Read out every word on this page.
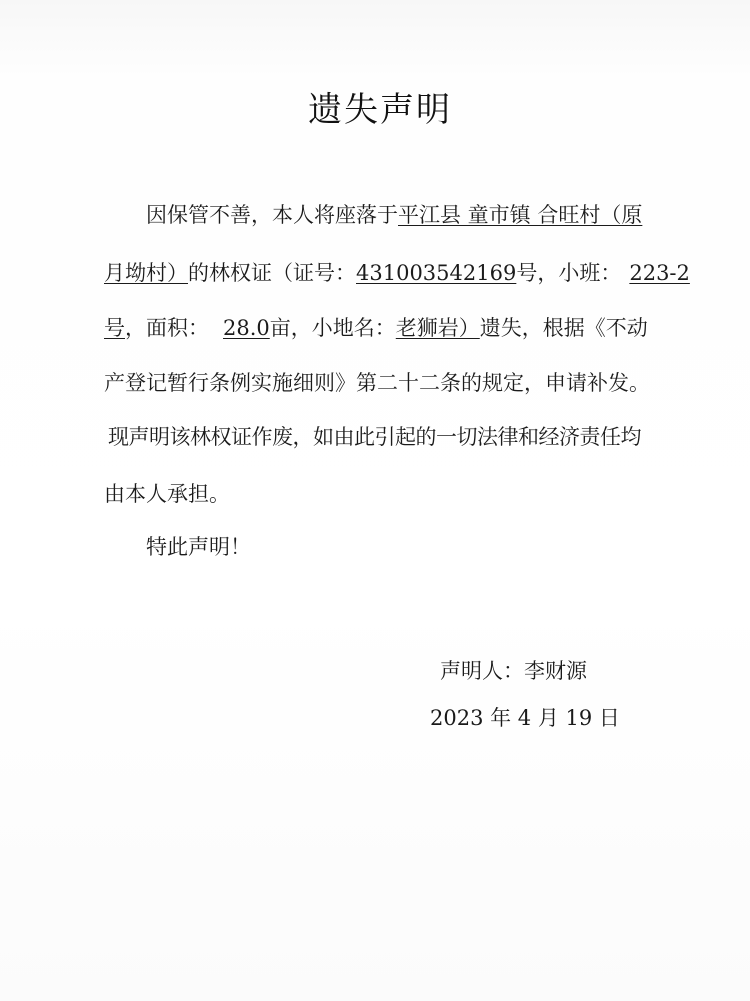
遗失声明
因保管不善，本人将座落于平江县 童市镇 合旺村（原
月坳村）的林权证（证号：431003542169号，小班： 223-2
号，面积： 28.0亩，小地名：老狮岩）遗失，根据《不动
产登记暂行条例实施细则》第二十二条的规定，申请补发。
现声明该林权证作废，如由此引起的一切法律和经济责任均
由本人承担。
特此声明！
声明人：李财源
2023 年 4 月 19 日
